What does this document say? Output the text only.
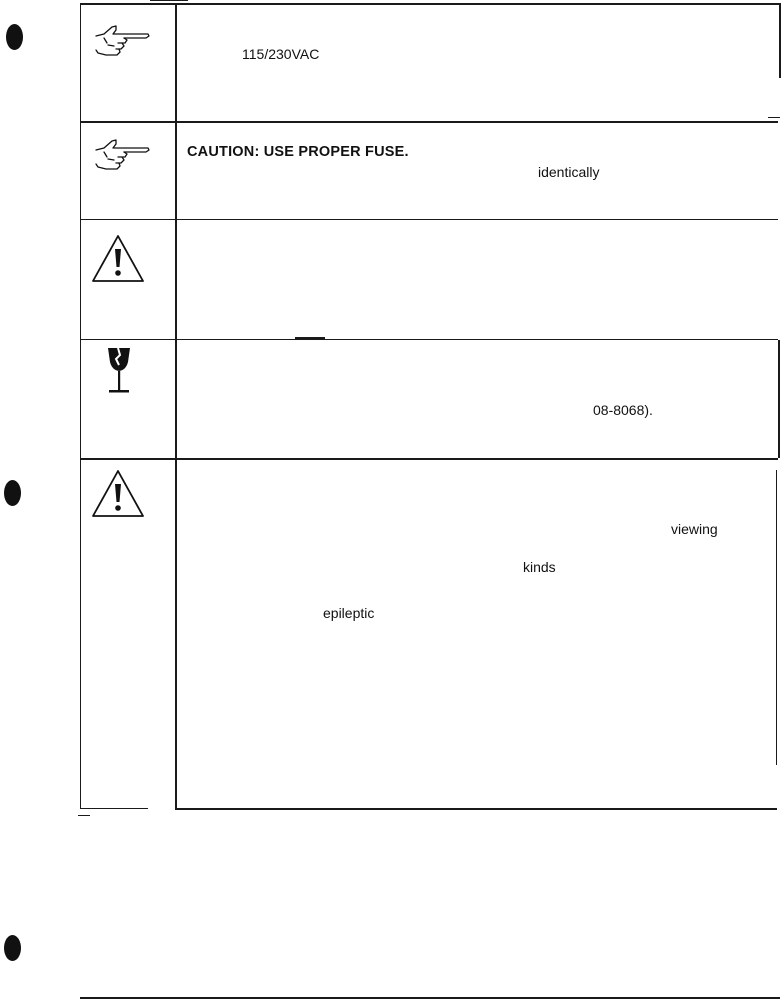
115/230VAC
CAUTION: USE PROPER FUSE.
identically
08-8068).
viewing
kinds
epileptic
